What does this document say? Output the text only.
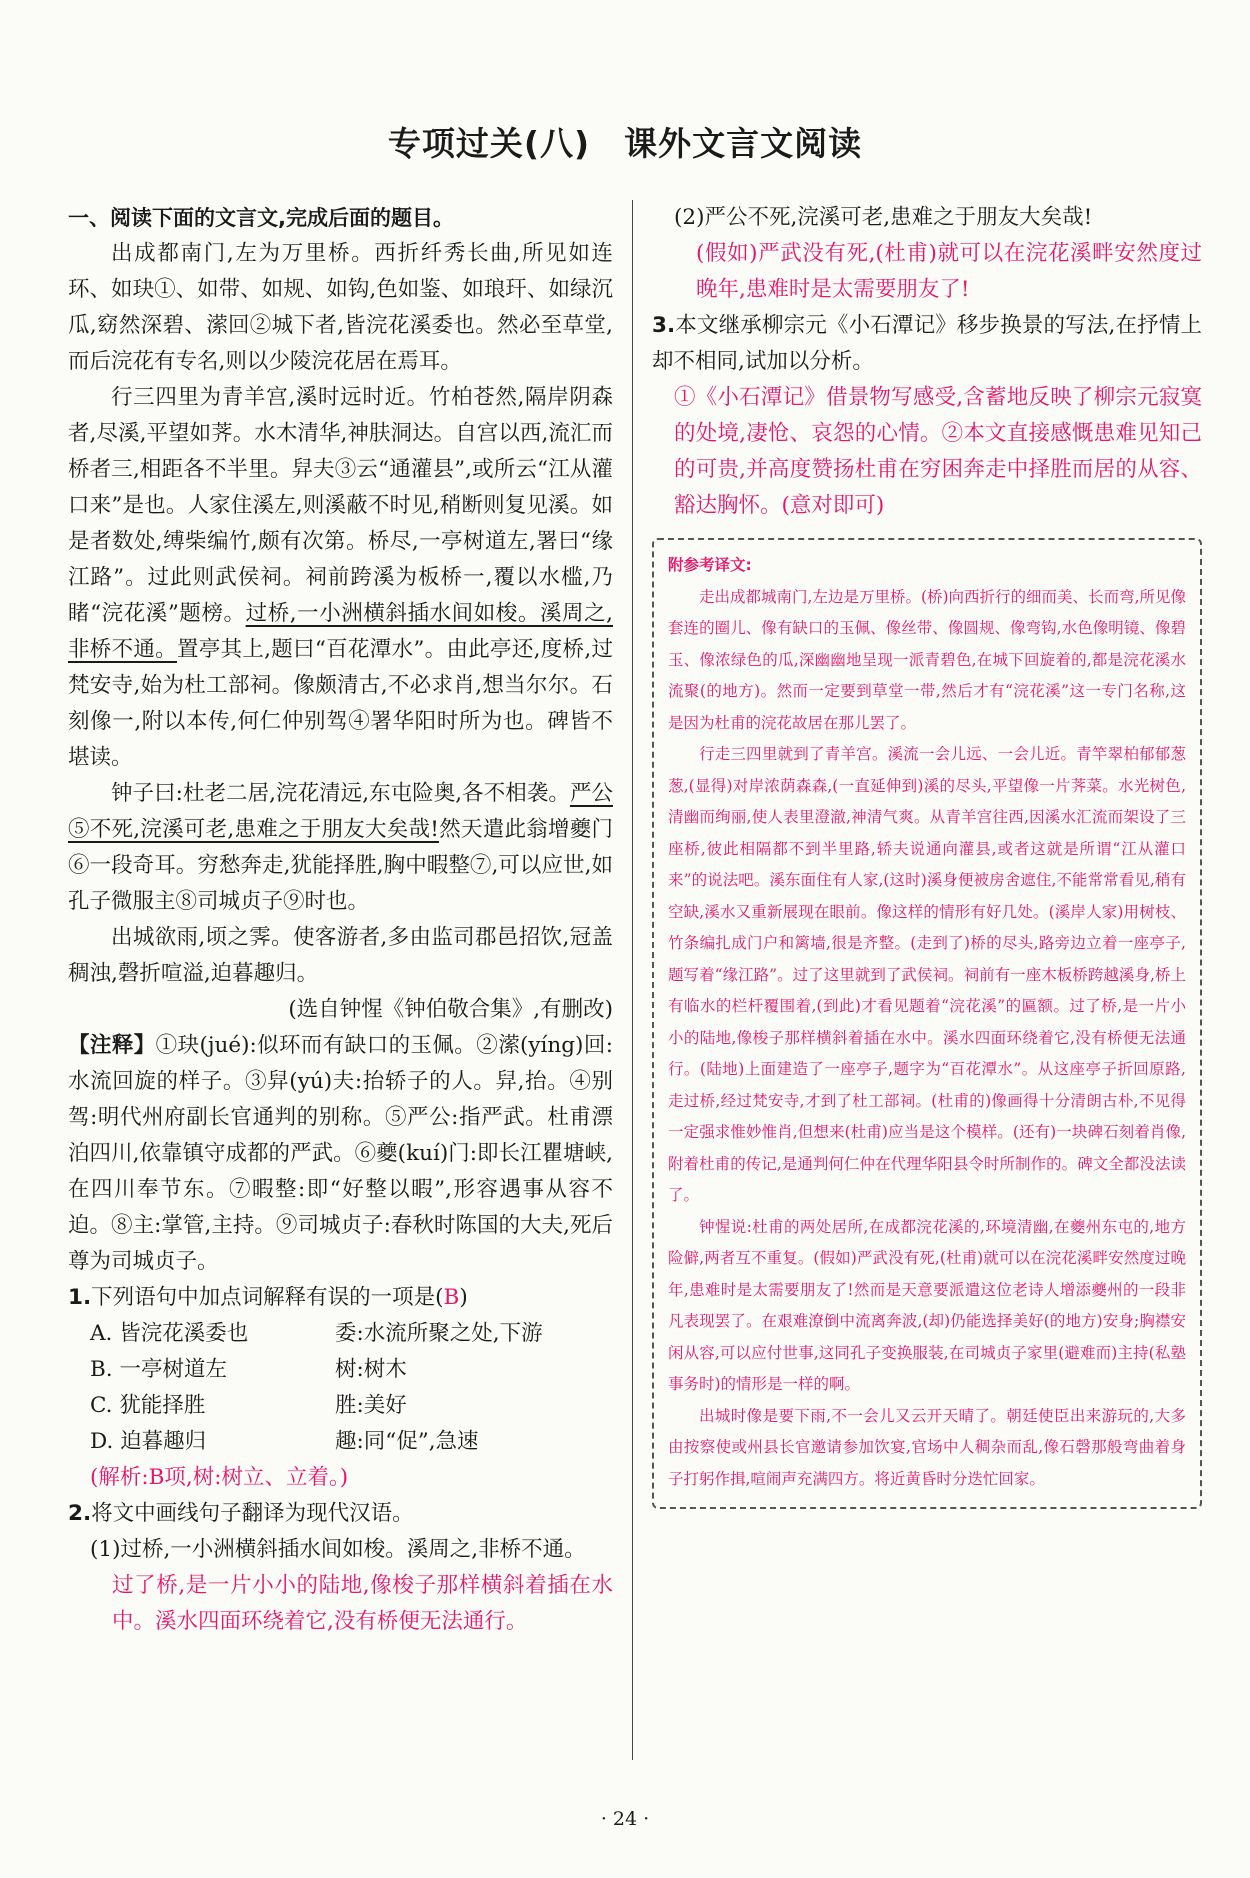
专项过关(八)　课外文言文阅读

一、阅读下面的文言文,完成后面的题目。

出成都南门,左为万里桥。西折纤秀长曲,所见如连环、如玦①、如带、如规、如钩,色如鉴、如琅玕、如绿沉瓜,窈然深碧、潆回②城下者,皆浣花溪委也。然必至草堂,而后浣花有专名,则以少陵浣花居在焉耳。

行三四里为青羊宫,溪时远时近。竹柏苍然,隔岸阴森者,尽溪,平望如荠。水木清华,神肤洞达。自宫以西,流汇而桥者三,相距各不半里。舁夫③云“通灌县”,或所云“江从灌口来”是也。人家住溪左,则溪蔽不时见,稍断则复见溪。如是者数处,缚柴编竹,颇有次第。桥尽,一亭树道左,署曰“缘江路”。过此则武侯祠。祠前跨溪为板桥一,覆以水槛,乃睹“浣花溪”题榜。过桥,一小洲横斜插水间如梭。溪周之,非桥不通。置亭其上,题曰“百花潭水”。由此亭还,度桥,过梵安寺,始为杜工部祠。像颇清古,不必求肖,想当尔尔。石刻像一,附以本传,何仁仲别驾④署华阳时所为也。碑皆不堪读。

钟子曰:杜老二居,浣花清远,东屯险奥,各不相袭。严公⑤不死,浣溪可老,患难之于朋友大矣哉!然天遣此翁增夔门⑥一段奇耳。穷愁奔走,犹能择胜,胸中暇整⑦,可以应世,如孔子微服主⑧司城贞子⑨时也。

出城欲雨,顷之霁。使客游者,多由监司郡邑招饮,冠盖稠浊,磬折喧溢,迫暮趣归。

(选自钟惺《钟伯敬合集》,有删改)

【注释】①玦(jué):似环而有缺口的玉佩。②潆(yíng)回:水流回旋的样子。③舁(yú)夫:抬轿子的人。舁,抬。④别驾:明代州府副长官通判的别称。⑤严公:指严武。杜甫漂泊四川,依靠镇守成都的严武。⑥夔(kuí)门:即长江瞿塘峡,在四川奉节东。⑦暇整:即“好整以暇”,形容遇事从容不迫。⑧主:掌管,主持。⑨司城贞子:春秋时陈国的大夫,死后尊为司城贞子。

1.下列语句中加点词解释有误的一项是(B)

A. 皆浣花溪委也	委:水流所聚之处,下游
B. 一亭树道左	树:树木
C. 犹能择胜	胜:美好
D. 迫暮趣归	趣:同“促”,急速

(解析:B项,树:树立、立着。)

2.将文中画线句子翻译为现代汉语。

(1)过桥,一小洲横斜插水间如梭。溪周之,非桥不通。

过了桥,是一片小小的陆地,像梭子那样横斜着插在水中。溪水四面环绕着它,没有桥便无法通行。

(2)严公不死,浣溪可老,患难之于朋友大矣哉!

(假如)严武没有死,(杜甫)就可以在浣花溪畔安然度过晚年,患难时是太需要朋友了!

3.本文继承柳宗元《小石潭记》移步换景的写法,在抒情上却不相同,试加以分析。

①《小石潭记》借景物写感受,含蓄地反映了柳宗元寂寞的处境,凄怆、哀怨的心情。②本文直接感慨患难见知己的可贵,并高度赞扬杜甫在穷困奔走中择胜而居的从容、豁达胸怀。(意对即可)

附参考译文:

走出成都城南门,左边是万里桥。(桥)向西折行的细而美、长而弯,所见像套连的圈儿、像有缺口的玉佩、像丝带、像圆规、像弯钩,水色像明镜、像碧玉、像浓绿色的瓜,深幽幽地呈现一派青碧色,在城下回旋着的,都是浣花溪水流聚(的地方)。然而一定要到草堂一带,然后才有“浣花溪”这一专门名称,这是因为杜甫的浣花故居在那儿罢了。

行走三四里就到了青羊宫。溪流一会儿远、一会儿近。青竿翠柏郁郁葱葱,(显得)对岸浓荫森森,(一直延伸到)溪的尽头,平望像一片荠菜。水光树色,清幽而绚丽,使人表里澄澈,神清气爽。从青羊宫往西,因溪水汇流而架设了三座桥,彼此相隔都不到半里路,轿夫说通向灌县,或者这就是所谓“江从灌口来”的说法吧。溪东面住有人家,(这时)溪身便被房舍遮住,不能常常看见,稍有空缺,溪水又重新展现在眼前。像这样的情形有好几处。(溪岸人家)用树枝、竹条编扎成门户和篱墙,很是齐整。(走到了)桥的尽头,路旁边立着一座亭子,题写着“缘江路”。过了这里就到了武侯祠。祠前有一座木板桥跨越溪身,桥上有临水的栏杆覆围着,(到此)才看见题着“浣花溪”的匾额。过了桥,是一片小小的陆地,像梭子那样横斜着插在水中。溪水四面环绕着它,没有桥便无法通行。(陆地)上面建造了一座亭子,题字为“百花潭水”。从这座亭子折回原路,走过桥,经过梵安寺,才到了杜工部祠。(杜甫的)像画得十分清朗古朴,不见得一定强求惟妙惟肖,但想来(杜甫)应当是这个模样。(还有)一块碑石刻着肖像,附着杜甫的传记,是通判何仁仲在代理华阳县令时所制作的。碑文全都没法读了。

钟惺说:杜甫的两处居所,在成都浣花溪的,环境清幽,在夔州东屯的,地方险僻,两者互不重复。(假如)严武没有死,(杜甫)就可以在浣花溪畔安然度过晚年,患难时是太需要朋友了!然而是天意要派遣这位老诗人增添夔州的一段非凡表现罢了。在艰难潦倒中流离奔波,(却)仍能选择美好(的地方)安身;胸襟安闲从容,可以应付世事,这同孔子变换服装,在司城贞子家里(避难而)主持(私塾事务时)的情形是一样的啊。

出城时像是要下雨,不一会儿又云开天晴了。朝廷使臣出来游玩的,大多由按察使或州县长官邀请参加饮宴,官场中人稠杂而乱,像石磬那般弯曲着身子打躬作揖,喧闹声充满四方。将近黄昏时分迭忙回家。

· 24 ·
